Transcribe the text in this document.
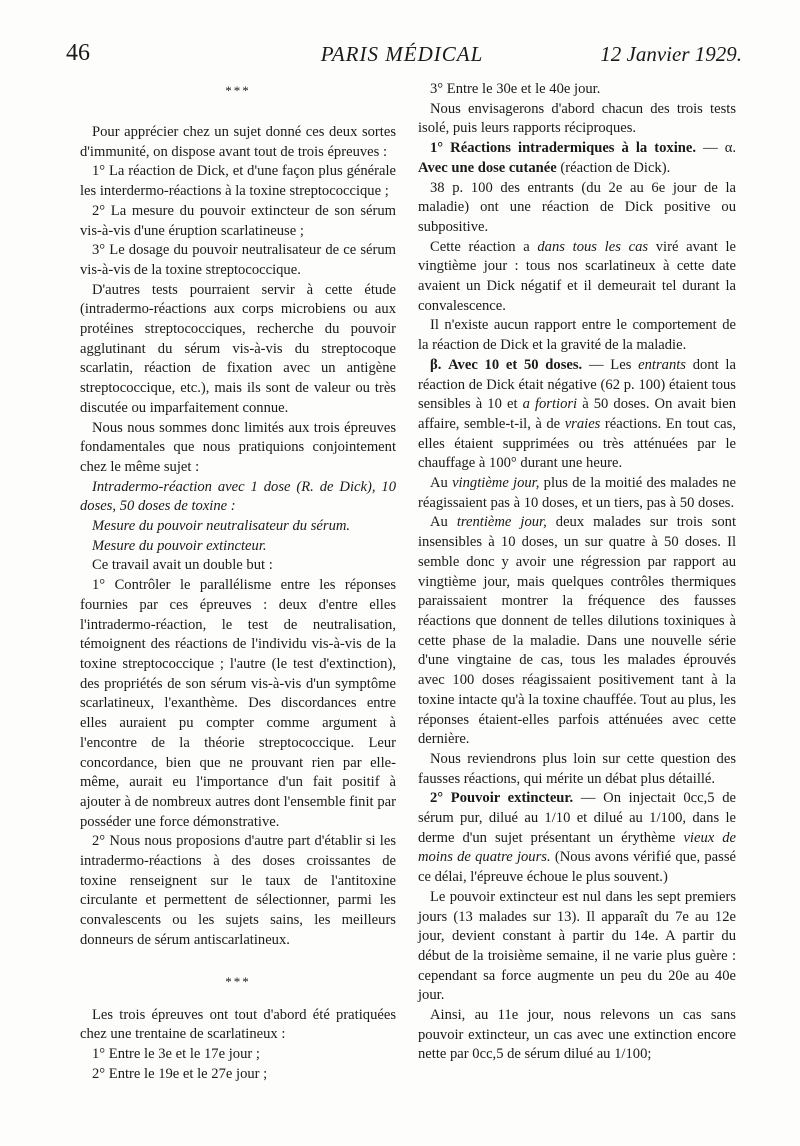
46	PARIS MÉDICAL	12 Janvier 1929.
***

Pour apprécier chez un sujet donné ces deux sortes d'immunité, on dispose avant tout de trois épreuves :

1° La réaction de Dick, et d'une façon plus générale les interdermo-réactions à la toxine streptococcique ;

2° La mesure du pouvoir extincteur de son sérum vis-à-vis d'une éruption scarlatineuse ;

3° Le dosage du pouvoir neutralisateur de ce sérum vis-à-vis de la toxine streptococcique.

D'autres tests pourraient servir à cette étude (intradermo-réactions aux corps microbiens ou aux protéines streptococciques, recherche du pouvoir agglutinant du sérum vis-à-vis du streptocoque scarlatin, réaction de fixation avec un antigène streptococcique, etc.), mais ils sont de valeur ou très discutée ou imparfaitement connue.

Nous nous sommes donc limités aux trois épreuves fondamentales que nous pratiquions conjointement chez le même sujet :

Intradermo-réaction avec 1 dose (R. de Dick), 10 doses, 50 doses de toxine :

Mesure du pouvoir neutralisateur du sérum.

Mesure du pouvoir extincteur.

Ce travail avait un double but :

1° Contrôler le parallélisme entre les réponses fournies par ces épreuves : deux d'entre elles l'intradermo-réaction, le test de neutralisation, témoignent des réactions de l'individu vis-à-vis de la toxine streptococcique ; l'autre (le test d'extinction), des propriétés de son sérum vis-à-vis d'un symptôme scarlatineux, l'exanthème. Des discordances entre elles auraient pu compter comme argument à l'encontre de la théorie streptococcique. Leur concordance, bien que ne prouvant rien par elle-même, aurait eu l'importance d'un fait positif à ajouter à de nombreux autres dont l'ensemble finit par posséder une force démonstrative.

2° Nous nous proposions d'autre part d'établir si les intradermo-réactions à des doses croissantes de toxine renseignent sur le taux de l'antitoxine circulante et permettent de sélectionner, parmi les convalescents ou les sujets sains, les meilleurs donneurs de sérum antiscarlatineux.

***

Les trois épreuves ont tout d'abord été pratiquées chez une trentaine de scarlatineux :

1° Entre le 3e et le 17e jour ;

2° Entre le 19e et le 27e jour ;

3° Entre le 30e et le 40e jour.

Nous envisagerons d'abord chacun des trois tests isolé, puis leurs rapports réciproques.

1° Réactions intradermiques à la toxine. — α. Avec une dose cutanée (réaction de Dick).

38 p. 100 des entrants (du 2e au 6e jour de la maladie) ont une réaction de Dick positive ou subpositive.

Cette réaction a dans tous les cas viré avant le vingtième jour : tous nos scarlatineux à cette date avaient un Dick négatif et il demeurait tel durant la convalescence.

Il n'existe aucun rapport entre le comportement de la réaction de Dick et la gravité de la maladie.

β. Avec 10 et 50 doses. — Les entrants dont la réaction de Dick était négative (62 p. 100) étaient tous sensibles à 10 et a fortiori à 50 doses. On avait bien affaire, semble-t-il, à de vraies réactions. En tout cas, elles étaient supprimées ou très atténuées par le chauffage à 100° durant une heure.

Au vingtième jour, plus de la moitié des malades ne réagissaient pas à 10 doses, et un tiers, pas à 50 doses.

Au trentième jour, deux malades sur trois sont insensibles à 10 doses, un sur quatre à 50 doses. Il semble donc y avoir une régression par rapport au vingtième jour, mais quelques contrôles thermiques paraissaient montrer la fréquence des fausses réactions que donnent de telles dilutions toxiniques à cette phase de la maladie. Dans une nouvelle série d'une vingtaine de cas, tous les malades éprouvés avec 100 doses réagissaient positivement tant à la toxine intacte qu'à la toxine chauffée. Tout au plus, les réponses étaient-elles parfois atténuées avec cette dernière.

Nous reviendrons plus loin sur cette question des fausses réactions, qui mérite un débat plus détaillé.

2° Pouvoir extincteur. — On injectait 0cc,5 de sérum pur, dilué au 1/10 et dilué au 1/100, dans le derme d'un sujet présentant un érythème vieux de moins de quatre jours. (Nous avons vérifié que, passé ce délai, l'épreuve échoue le plus souvent.)

Le pouvoir extincteur est nul dans les sept premiers jours (13 malades sur 13). Il apparaît du 7e au 12e jour, devient constant à partir du 14e. A partir du début de la troisième semaine, il ne varie plus guère : cependant sa force augmente un peu du 20e au 40e jour.

Ainsi, au 11e jour, nous relevons un cas sans pouvoir extincteur, un cas avec une extinction encore nette par 0cc,5 de sérum dilué au 1/100;
